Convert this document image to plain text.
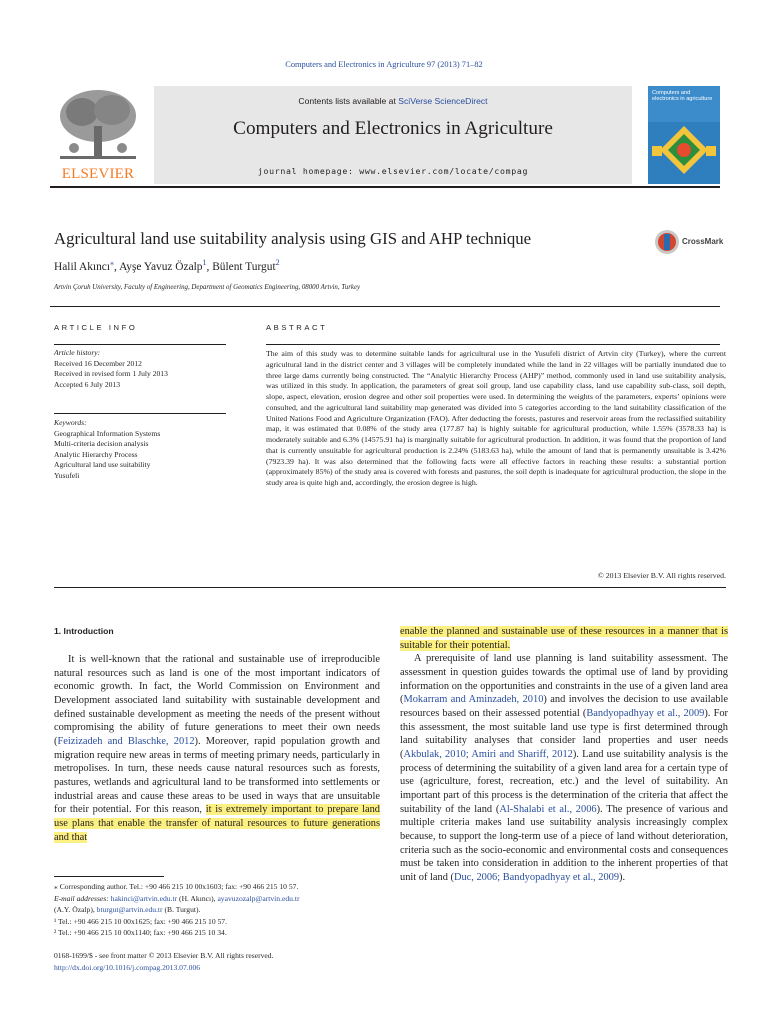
Computers and Electronics in Agriculture 97 (2013) 71–82
ELSEVIER
Contents lists available at SciVerse ScienceDirect
Computers and Electronics in Agriculture
journal homepage: www.elsevier.com/locate/compag
Computers and electronics in agriculture
Agricultural land use suitability analysis using GIS and AHP technique	CrossMark
Halil Akıncı⁎, Ayşe Yavuz Özalp$^1$, Bülent Turgut$^2$
Artvin Çoruh University, Faculty of Engineering, Department of Geomatics Engineering, 08000 Artvin, Turkey
ARTICLE INFO	ABSTRACT
Article history:
Received 16 December 2012
Received in revised form 1 July 2013
Accepted 6 July 2013
Keywords:
Geographical Information Systems
Multi-criteria decision analysis
Analytic Hierarchy Process
Agricultural land use suitability
Yusufeli
The aim of this study was to determine suitable lands for agricultural use in the Yusufeli district of Artvin city (Turkey), where the current agricultural land in the district center and 3 villages will be completely inundated while the land in 22 villages will be partially inundated due to three large dams currently being constructed. The “Analytic Hierarchy Process (AHP)” method, commonly used in land use suitability analysis, was utilized in this study. In application, the parameters of great soil group, land use capability class, land use capability sub-class, soil depth, slope, aspect, elevation, erosion degree and other soil properties were used. In determining the weights of the parameters, experts’ opinions were consulted, and the agricultural land suitability map generated was divided into 5 categories according to the land suitability classification of the United Nations Food and Agriculture Organization (FAO). After deducting the forests, pastures and reservoir areas from the reclassified suitability map, it was estimated that 0.08% of the study area (177.87 ha) is highly suitable for agricultural production, while 1.55% (3578.33 ha) is moderately suitable and 6.3% (14575.91 ha) is marginally suitable for agricultural production. In addition, it was found that the proportion of land that is currently unsuitable for agricultural production is 2.24% (5183.63 ha), while the amount of land that is permanently unsuitable is 3.42% (7923.39 ha). It was also determined that the following facts were all effective factors in reaching these results: a substantial portion (approximately 85%) of the study area is covered with forests and pastures, the soil depth is inadequate for agricultural production, the slope in the study area is quite high and, accordingly, the erosion degree is high.
© 2013 Elsevier B.V. All rights reserved.
1. Introduction
It is well-known that the rational and sustainable use of irreproducible natural resources such as land is one of the most important indicators of economic growth. In fact, the World Commission on Environment and Development associated land suitability with sustainable development and defined sustainable development as meeting the needs of the present without compromising the ability of future generations to meet their own needs (Feizizadeh and Blaschke, 2012). Moreover, rapid population growth and migration require new areas in terms of meeting primary needs, particularly in metropolises. In turn, these needs cause natural resources such as forests, pastures, wetlands and agricultural land to be transformed into settlements or industrial areas and cause these areas to be used in ways that are unsuitable for their potential. For this reason, it is extremely important to prepare land use plans that enable the transfer of natural resources to future generations and that
enable the planned and sustainable use of these resources in a manner that is suitable for their potential.
A prerequisite of land use planning is land suitability assessment. The assessment in question guides towards the optimal use of land by providing information on the opportunities and constraints in the use of a given land area (Mokarram and Aminzadeh, 2010) and involves the decision to use available resources based on their assessed potential (Bandyopadhyay et al., 2009). For this assessment, the most suitable land use type is first determined through land suitability analyses that consider land properties and user needs (Akbulak, 2010; Amiri and Shariff, 2012). Land use suitability analysis is the process of determining the suitability of a given land area for a certain type of use (agriculture, forest, recreation, etc.) and the level of suitability. An important part of this process is the determination of the criteria that affect the suitability of the land (Al-Shalabi et al., 2006). The presence of various and multiple criteria makes land use suitability analysis increasingly complex because, to support the long-term use of a piece of land without deterioration, criteria such as the socio-economic and environmental costs and consequences must be taken into consideration in addition to the inherent properties of that unit of land (Duc, 2006; Bandyopadhyay et al., 2009).
⁎ Corresponding author. Tel.: +90 466 215 10 00x1603; fax: +90 466 215 10 57.
E-mail addresses: hakinci@artvin.edu.tr (H. Akıncı), ayavuzozalp@artvin.edu.tr
(A.Y. Özalp), bturgut@artvin.edu.tr (B. Turgut).
¹ Tel.: +90 466 215 10 00x1625; fax: +90 466 215 10 57.
² Tel.: +90 466 215 10 00x1140; fax: +90 466 215 10 34.
0168-1699/$ - see front matter © 2013 Elsevier B.V. All rights reserved.
http://dx.doi.org/10.1016/j.compag.2013.07.006
